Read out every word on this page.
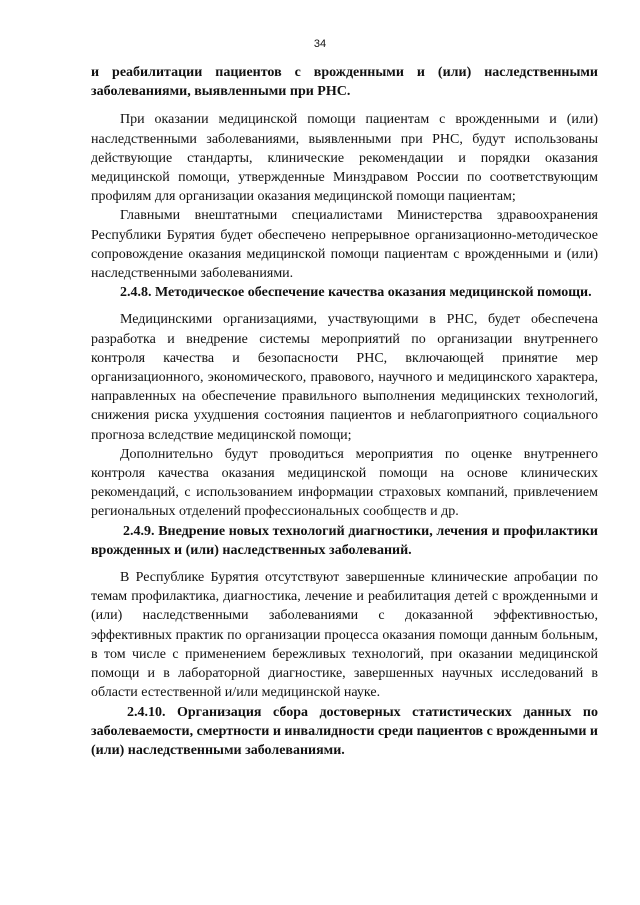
34

и реабилитации пациентов с врожденными и (или) наследственными заболеваниями, выявленными при РНС.

При оказании медицинской помощи пациентам с врожденными и (или) наследственными заболеваниями, выявленными при РНС, будут использованы действующие стандарты, клинические рекомендации и порядки оказания медицинской помощи, утвержденные Минздравом России по соответствующим профилям для организации оказания медицинской помощи пациентам;

Главными внештатными специалистами Министерства здравоохранения Республики Бурятия будет обеспечено непрерывное организационно-методическое сопровождение оказания медицинской помощи пациентам с врожденными и (или) наследственными заболеваниями.

2.4.8. Методическое обеспечение качества оказания медицинской помощи.

Медицинскими организациями, участвующими в РНС, будет обеспечена разработка и внедрение системы мероприятий по организации внутреннего контроля качества и безопасности РНС, включающей принятие мер организационного, экономического, правового, научного и медицинского характера, направленных на обеспечение правильного выполнения медицинских технологий, снижения риска ухудшения состояния пациентов и неблагоприятного социального прогноза вследствие медицинской помощи;

Дополнительно будут проводиться мероприятия по оценке внутреннего контроля качества оказания медицинской помощи на основе клинических рекомендаций, с использованием информации страховых компаний, привлечением региональных отделений профессиональных сообществ и др.

2.4.9. Внедрение новых технологий диагностики, лечения и профилактики врожденных и (или) наследственных заболеваний.

В Республике Бурятия отсутствуют завершенные клинические апробации по темам профилактика, диагностика, лечение и реабилитация детей с врожденными и (или) наследственными заболеваниями с доказанной эффективностью, эффективных практик по организации процесса оказания помощи данным больным, в том числе с применением бережливых технологий, при оказании медицинской помощи и в лабораторной диагностике, завершенных научных исследований в области естественной и/или медицинской науке.

2.4.10. Организация сбора достоверных статистических данных по заболеваемости, смертности и инвалидности среди пациентов с врожденными и (или) наследственными заболеваниями.
